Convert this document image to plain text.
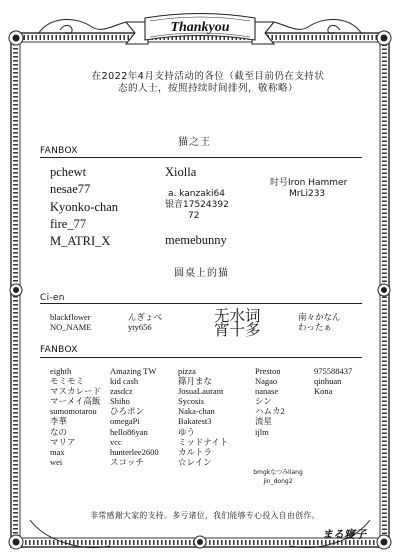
Thankyou
在2022年4月支持活动的各位（截至目前仍在支持状
态的人士，按照持续时间排列，敬称略）
猫之王
FANBOX
pchewt
nesae77
Kyonko-chan
fire_77
M_ATRI_X
Xiolla
a. kanzaki64
银音17524392
72
memebunny
时号Iron Hammer
MrLi233
圆桌上的猫
Ci-en
blackflower
NO_NAME
んぎょべ
yty656
无水词
宵十多
南々かなん
わったぁ
FANBOX
eighth
モミモミ
マスカレード
マーメイ高飯
sumomotarou
李華
なの
マリア
max
wei
Amazing TW
kid cash
zasdcz
Shiho
ひろポン
omegaPi
hello86yan
vcc
hunterlee2600
スコッチ
pizza
篠月まな
JosuaLaurant
Sycosis
Naka-chan
Bakatest3
ゆう
ミッドナイト
カルトラ
☆レイン
Preston
Nagao
nanase
シン
ハムカ2
流星
ijlm
bmgkなつみliang
jin_dong2
975588437
qinhuan
Kona
非常感谢大家的支持。多亏诸位，我们能够专心投入自由创作。
まる寝子
